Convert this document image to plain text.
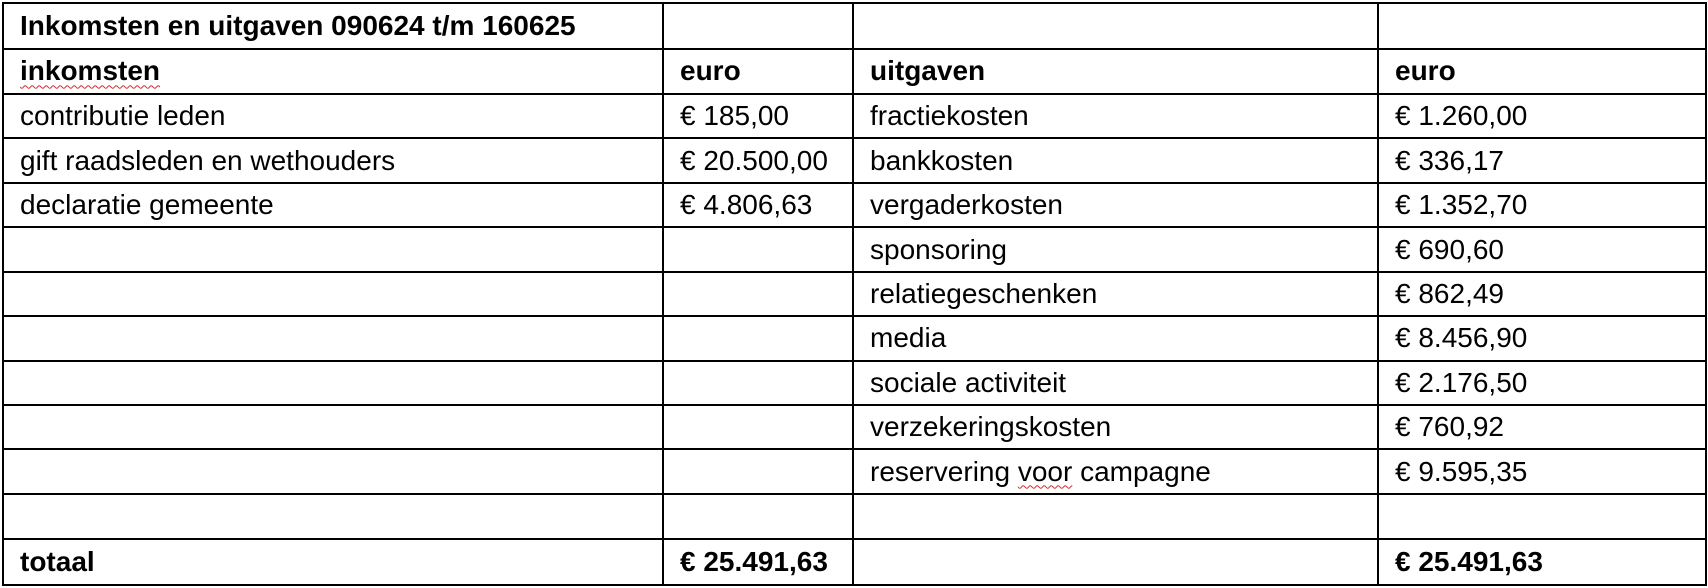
Inkomsten en uitgaven 090624 t/m 160625			
inkomsten	euro	uitgaven	euro
contributie leden	€ 185,00	fractiekosten	€ 1.260,00
gift raadsleden en wethouders	€ 20.500,00	bankkosten	€ 336,17
declaratie gemeente	€ 4.806,63	vergaderkosten	€ 1.352,70
		sponsoring	€ 690,60
		relatiegeschenken	€ 862,49
		media	€ 8.456,90
		sociale activiteit	€ 2.176,50
		verzekeringskosten	€ 760,92
		reservering voor campagne	€ 9.595,35

totaal	€ 25.491,63		€ 25.491,63
